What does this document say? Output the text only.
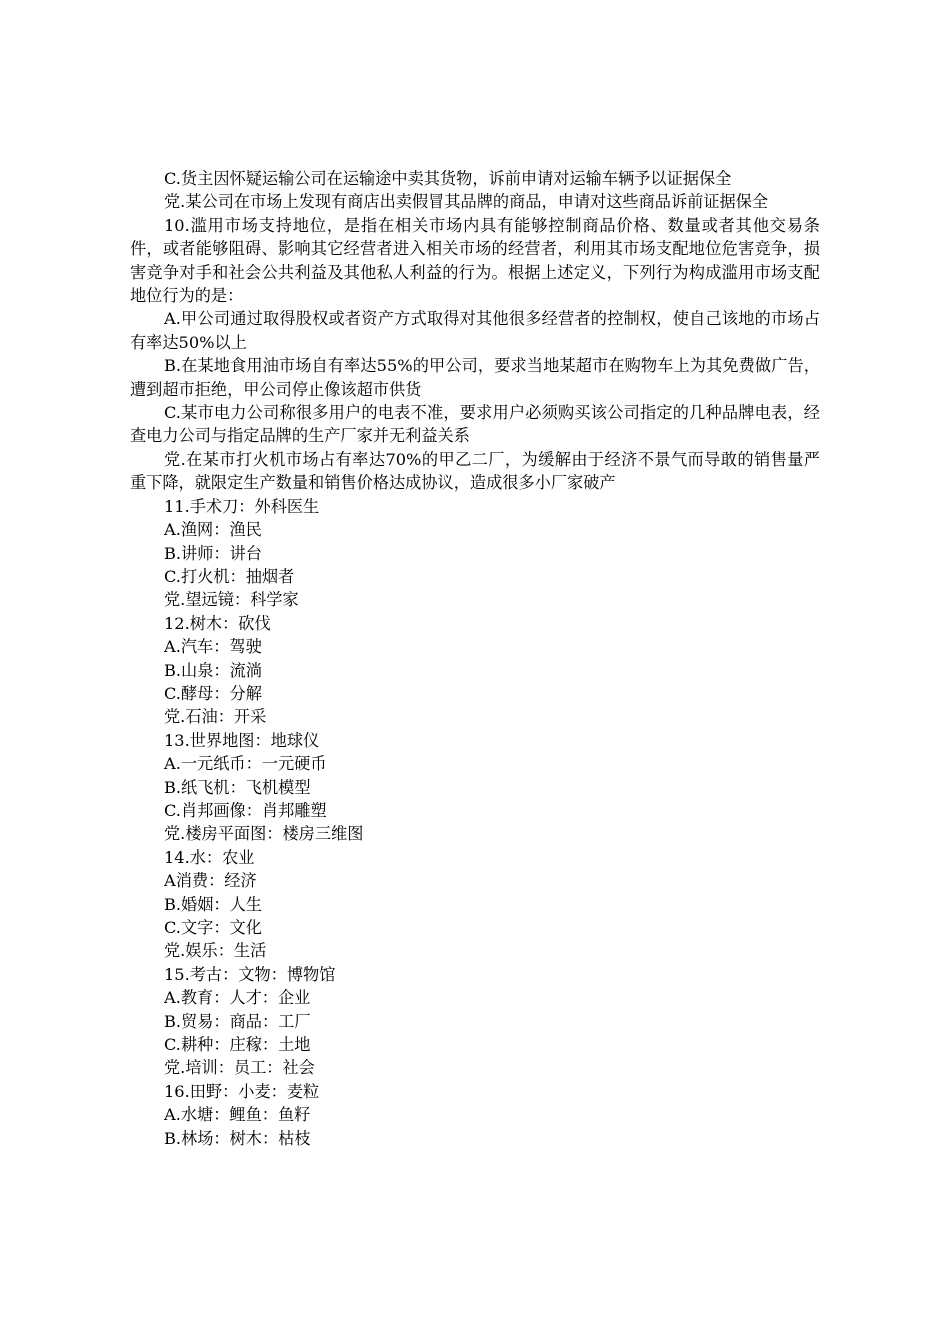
C.货主因怀疑运输公司在运输途中卖其货物，诉前申请对运输车辆予以证据保全

党.某公司在市场上发现有商店出卖假冒其品牌的商品，申请对这些商品诉前证据保全

10.滥用市场支持地位，是指在相关市场内具有能够控制商品价格、数量或者其他交易条件，或者能够阻碍、影响其它经营者进入相关市场的经营者，利用其市场支配地位危害竞争，损害竞争对手和社会公共利益及其他私人利益的行为。根据上述定义，下列行为构成滥用市场支配地位行为的是：

A.甲公司通过取得股权或者资产方式取得对其他很多经营者的控制权，使自己该地的市场占有率达50%以上

B.在某地食用油市场自有率达55%的甲公司，要求当地某超市在购物车上为其免费做广告，遭到超市拒绝，甲公司停止像该超市供货

C.某市电力公司称很多用户的电表不准，要求用户必须购买该公司指定的几种品牌电表，经查电力公司与指定品牌的生产厂家并无利益关系

党.在某市打火机市场占有率达70%的甲乙二厂，为缓解由于经济不景气而导敢的销售量严重下降，就限定生产数量和销售价格达成协议，造成很多小厂家破产

11.手术刀：外科医生

A.渔网：渔民

B.讲师：讲台

C.打火机：抽烟者

党.望远镜：科学家

12.树木：砍伐

A.汽车：驾驶

B.山泉：流淌

C.酵母：分解

党.石油：开采

13.世界地图：地球仪

A.一元纸币：一元硬币

B.纸飞机：飞机模型

C.肖邦画像：肖邦雕塑

党.楼房平面图：楼房三维图

14.水：农业

A消费：经济

B.婚姻：人生

C.文字：文化

党.娱乐：生活

15.考古：文物：博物馆

A.教育：人才：企业

B.贸易：商品：工厂

C.耕种：庄稼：土地

党.培训：员工：社会

16.田野：小麦：麦粒

A.水塘：鲤鱼：鱼籽

B.林场：树木：枯枝
